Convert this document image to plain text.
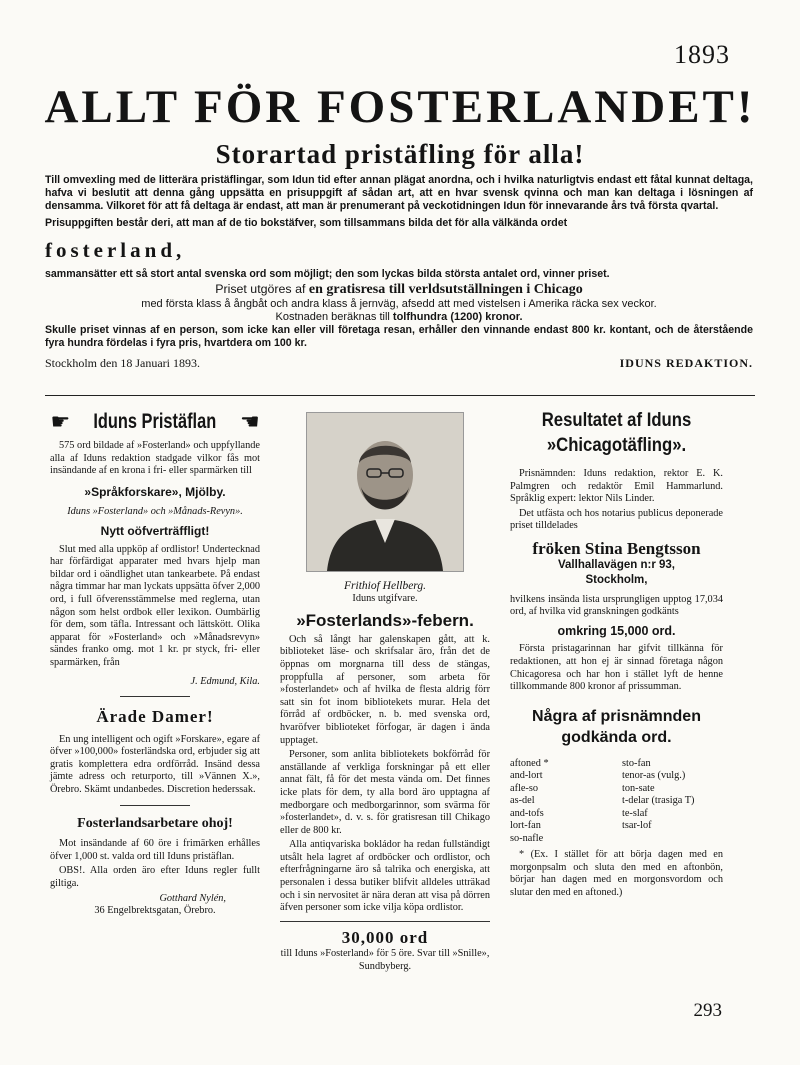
1893
ALLT FÖR FOSTERLANDET!
Storartad pristäfling för alla!

Till omvexling med de litterära pristäflingar, som Idun tid efter annan plägat anordna, och i hvilka naturligtvis endast ett fåtal kunnat deltaga, hafva vi beslutit att denna gång uppsätta en prisuppgift af sådan art, att en hvar svensk qvinna och man kan deltaga i lösningen af densamma. Vilkoret för att få deltaga är endast, att man är prenumerant på veckotidningen Idun för innevarande års två första qvartal.

Prisuppgiften består deri, att man af de tio bokstäfver, som tillsammans bilda det för alla välkända ordet

fosterland,

sammansätter ett så stort antal svenska ord som möjligt; den som lyckas bilda största antalet ord, vinner priset.

Priset utgöres af en gratisresa till verldsutställningen i Chicago

med första klass å ångbåt och andra klass å jernväg, afsedd att med vistelsen i Amerika räcka sex veckor.

Kostnaden beräknas till tolfhundra (1200) kronor.

Skulle priset vinnas af en person, som icke kan eller vill företaga resan, erhåller den vinnande endast 800 kr. kontant, och de återstående fyra hundra fördelas i fyra pris, hvartdera om 100 kr.

Stockholm den 18 Januari 1893.	IDUNS REDAKTION.
☛ Iduns Pristäflan ☛

575 ord bildade af »Fosterland» och uppfyllande alla af Iduns redaktion stadgade vilkor fås mot insändande af en krona i fri- eller sparmärken till

»Språkforskare», Mjölby.

Iduns »Fosterland» och »Månads-Revyn».

Nytt oöfverträffligt!

Slut med alla uppköp af ordlistor! Undertecknad har förfärdigat apparater med hvars hjelp man bildar ord i oändlighet utan tankearbete. På endast några timmar har man lyckats uppsätta öfver 2,000 ord, i full öfverensstämmelse med reglerna, utan någon som helst ordbok eller lexikon. Oumbärlig för dem, som täfla. Intressant och lättskött. Olika apparat för »Fosterland» och »Månadsrevyn» sändes franko omg. mot 1 kr. pr styck, fri- eller sparmärken, från

J. Edmund, Kila.
Ärade Damer!

En ung intelligent och ogift »Forskare», egare af öfver »100,000» fosterländska ord, erbjuder sig att gratis komplettera edra ordförråd. Insänd dessa jämte adress och returporto, till »Vännen X.», Örebro. Skämt undanbedes. Discretion hederssak.

Fosterlandsarbetare ohoj!

Mot insändande af 60 öre i frimärken erhålles öfver 1,000 st. valda ord till Iduns pristäflan.

OBS!. Alla orden äro efter Iduns regler fullt giltiga.

Gotthard Nylén,

36 Engelbrektsgatan, Örebro.

Frithiof Hellberg.
Iduns utgifvare.
»Fosterlands»-febern.

Och så långt har galenskapen gått, att k. biblioteket läse- och skrifsalar äro, från det de öppnas om morgnarna till dess de stängas, proppfulla af personer, som arbeta för »fosterlandet» och af hvilka de flesta aldrig förr satt sin fot inom bibliotekets murar. Hela det förråd af ordböcker, n. b. med svenska ord, hvaröfver biblioteket förfogar, är dagen i ända upptaget.

Personer, som anlita bibliotekets bokförråd för anställande af verkliga forskningar på ett eller annat fält, få för det mesta vända om. Det finnes icke plats för dem, ty alla bord äro upptagna af medborgare och medborgarinnor, som svärma för »fosterlandet», d. v. s. för gratisresan till Chikago eller de 800 kr.

Alla antiqvariska bokládor ha redan fullständigt utsålt hela lagret af ordböcker och ordlistor, och efterfrågningarne äro så talrika och energiska, att personalen i dessa butiker blifvit alldeles utträkad och i sin nervositet är nära deran att visa på dörren äfven personer som icke vilja köpa ordlistor.

30,000 ord

till Iduns »Fosterland» för 5 öre. Svar till »Snille», Sundbyberg.

Resultatet af Iduns
»Chicagotäfling».

Prisnämnden: Iduns redaktion, rektor E. K. Palmgren och redaktör Emil Hammarlund. Språklig expert: lektor Nils Linder.

Det utfästa och hos notarius publicus deponerade priset tilldelades

fröken Stina Bengtsson
Vallhallavägen n:r 93,
Stockholm,

hvilkens insända lista ursprungligen upptog 17,034 ord, af hvilka vid granskningen godkänts

omkring 15,000 ord.

Första pristagarinnan har gifvit tillkänna för redaktionen, att hon ej är sinnad företaga någon Chicagoresa och har hon i stället lyft de henne tillkommande 800 kronor af prissumman.

Några af prisnämnden
godkända ord.
aftoned *
and-lort
afle-so
as-del
and-tofs
lort-fan
so-nafle
sto-fan
tenor-as (vulg.)
ton-sate
t-delar (trasiga T)
te-slaf
tsar-lof

* (Ex. I stället för att börja dagen med en morgonpsalm och sluta den med en aftonbön, börjar han dagen med en morgonsvordom och slutar den med en aftoned.)

293
